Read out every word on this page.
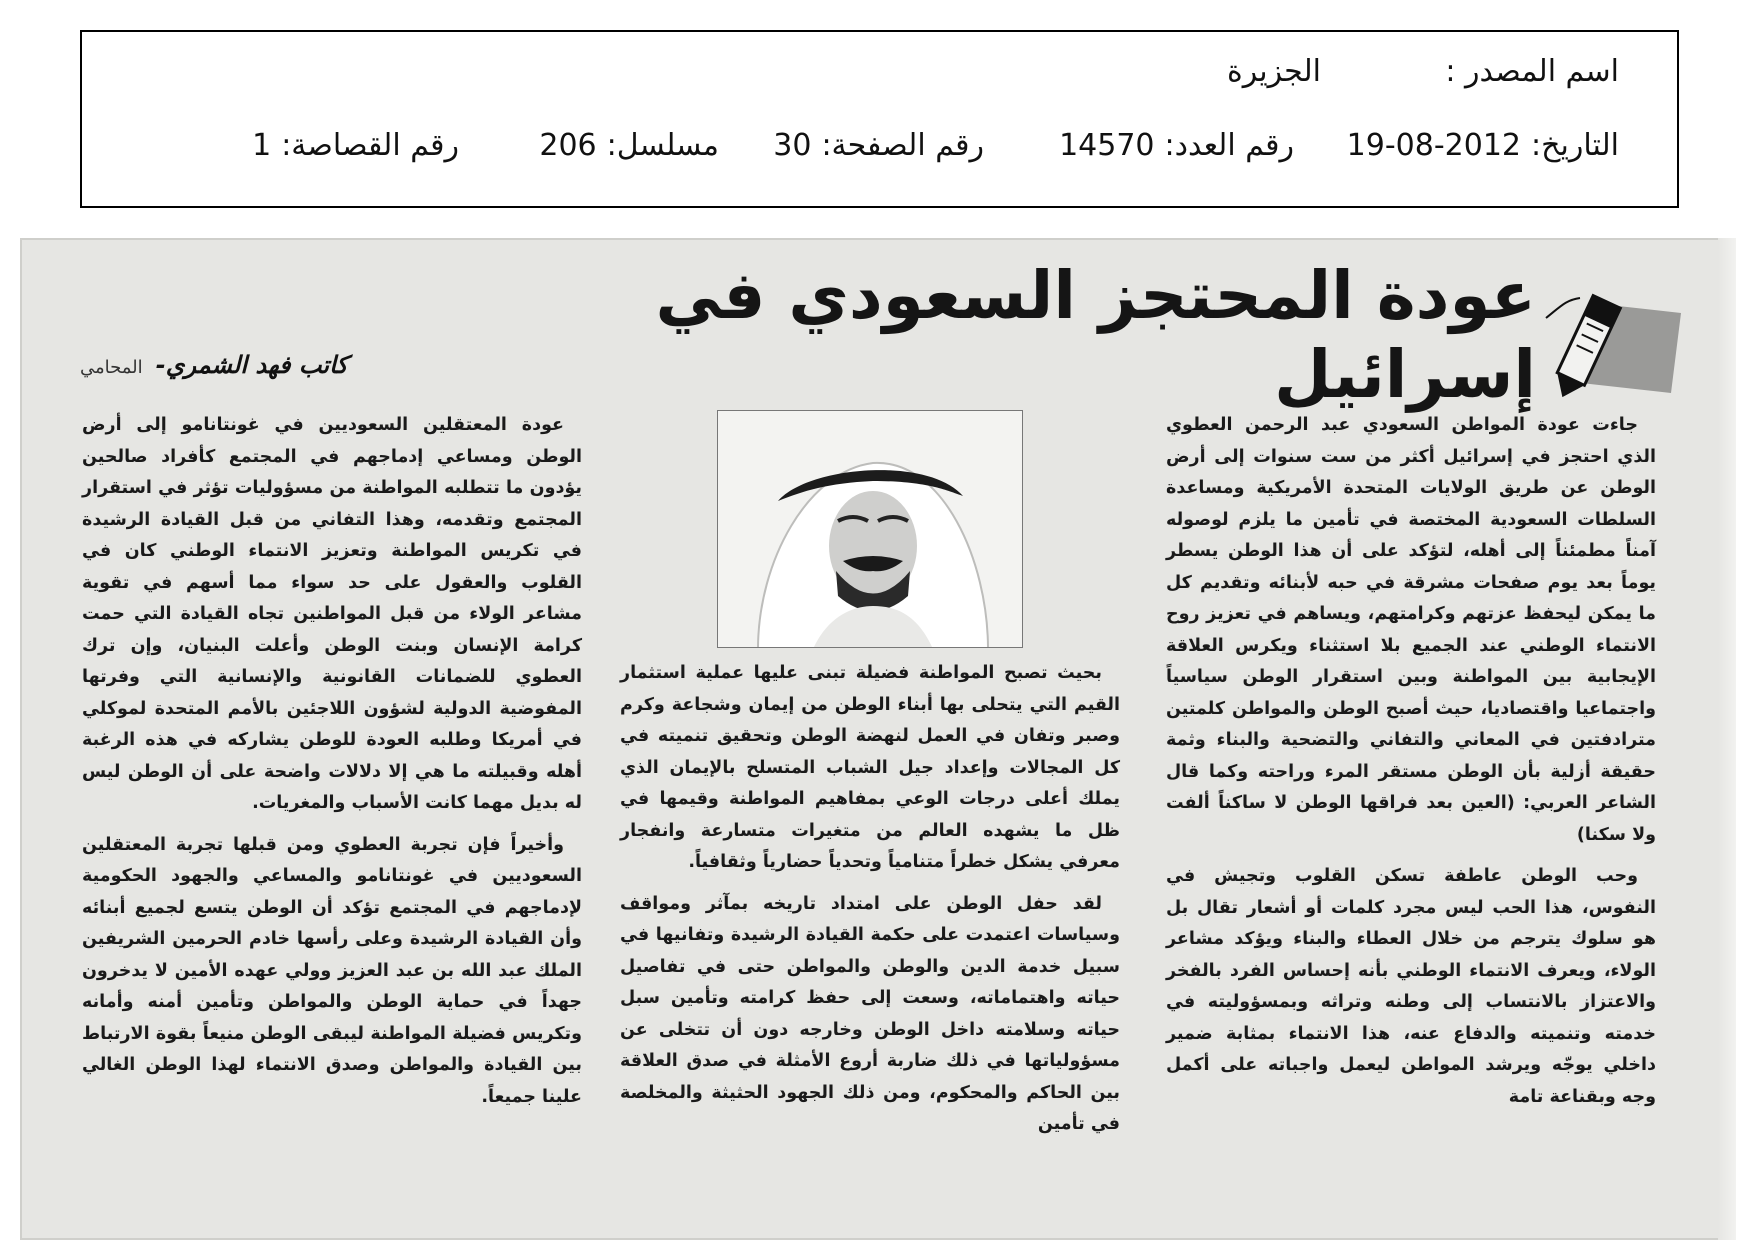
اسم المصدر :
الجزيرة
التاريخ:2012-08-19
رقم العدد:14570
رقم الصفحة:30
مسلسل:206
رقم القصاصة:1
عودة المحتجز السعودي في إسرائيل
كاتب فهد الشمري- المحامي

جاءت عودة المواطن السعودي عبد الرحمن العطوي الذي احتجز في إسرائيل أكثر من ست سنوات إلى أرض الوطن عن طريق الولايات المتحدة الأمريكية ومساعدة السلطات السعودية المختصة في تأمين ما يلزم لوصوله آمناً مطمئناً إلى أهله، لتؤكد على أن هذا الوطن يسطر يوماً بعد يوم صفحات مشرقة في حبه لأبنائه وتقديم كل ما يمكن ليحفظ عزتهم وكرامتهم، ويساهم في تعزيز روح الانتماء الوطني عند الجميع بلا استثناء ويكرس العلاقة الإيجابية بين المواطنة وبين استقرار الوطن سياسياً واجتماعيا واقتصاديا، حيث أصبح الوطن والمواطن كلمتين مترادفتين في المعاني والتفاني والتضحية والبناء وثمة حقيقة أزلية بأن الوطن مستقر المرء وراحته وكما قال الشاعر العربي: (العين بعد فراقها الوطن لا ساكناً ألفت ولا سكنا)

وحب الوطن عاطفة تسكن القلوب وتجيش في النفوس، هذا الحب ليس مجرد كلمات أو أشعار تقال بل هو سلوك يترجم من خلال العطاء والبناء ويؤكد مشاعر الولاء، ويعرف الانتماء الوطني بأنه إحساس الفرد بالفخر والاعتزاز بالانتساب إلى وطنه وتراثه وبمسؤوليته في خدمته وتنميته والدفاع عنه، هذا الانتماء بمثابة ضمير داخلي يوجّه ويرشد المواطن ليعمل واجباته على أكمل وجه وبقناعة تامة

بحيث تصبح المواطنة فضيلة تبنى عليها عملية استثمار القيم التي يتحلى بها أبناء الوطن من إيمان وشجاعة وكرم وصبر وتفان في العمل لنهضة الوطن وتحقيق تنميته في كل المجالات وإعداد جيل الشباب المتسلح بالإيمان الذي يملك أعلى درجات الوعي بمفاهيم المواطنة وقيمها في ظل ما يشهده العالم من متغيرات متسارعة وانفجار معرفي يشكل خطراً متنامياً وتحدياً حضارياً وثقافياً.

لقد حفل الوطن على امتداد تاريخه بمآثر ومواقف وسياسات اعتمدت على حكمة القيادة الرشيدة وتفانيها في سبيل خدمة الدين والوطن والمواطن حتى في تفاصيل حياته واهتماماته، وسعت إلى حفظ كرامته وتأمين سبل حياته وسلامته داخل الوطن وخارجه دون أن تتخلى عن مسؤولياتها في ذلك ضاربة أروع الأمثلة في صدق العلاقة بين الحاكم والمحكوم، ومن ذلك الجهود الحثيثة والمخلصة في تأمين

عودة المعتقلين السعوديين في غونتانامو إلى أرض الوطن ومساعي إدماجهم في المجتمع كأفراد صالحين يؤدون ما تتطلبه المواطنة من مسؤوليات تؤثر في استقرار المجتمع وتقدمه، وهذا التفاني من قبل القيادة الرشيدة في تكريس المواطنة وتعزيز الانتماء الوطني كان في القلوب والعقول على حد سواء مما أسهم في تقوية مشاعر الولاء من قبل المواطنين تجاه القيادة التي حمت كرامة الإنسان وبنت الوطن وأعلت البنيان، وإن ترك العطوي للضمانات القانونية والإنسانية التي وفرتها المفوضية الدولية لشؤون اللاجئين بالأمم المتحدة لموكلي في أمريكا وطلبه العودة للوطن يشاركه في هذه الرغبة أهله وقبيلته ما هي إلا دلالات واضحة على أن الوطن ليس له بديل مهما كانت الأسباب والمغريات.

وأخيراً فإن تجربة العطوي ومن قبلها تجربة المعتقلين السعوديين في غونتانامو والمساعي والجهود الحكومية لإدماجهم في المجتمع تؤكد أن الوطن يتسع لجميع أبنائه وأن القيادة الرشيدة وعلى رأسها خادم الحرمين الشريفين الملك عبد الله بن عبد العزيز وولي عهده الأمين لا يدخرون جهداً في حماية الوطن والمواطن وتأمين أمنه وأمانه وتكريس فضيلة المواطنة ليبقى الوطن منيعاً بقوة الارتباط بين القيادة والمواطن وصدق الانتماء لهذا الوطن الغالي علينا جميعاً.
